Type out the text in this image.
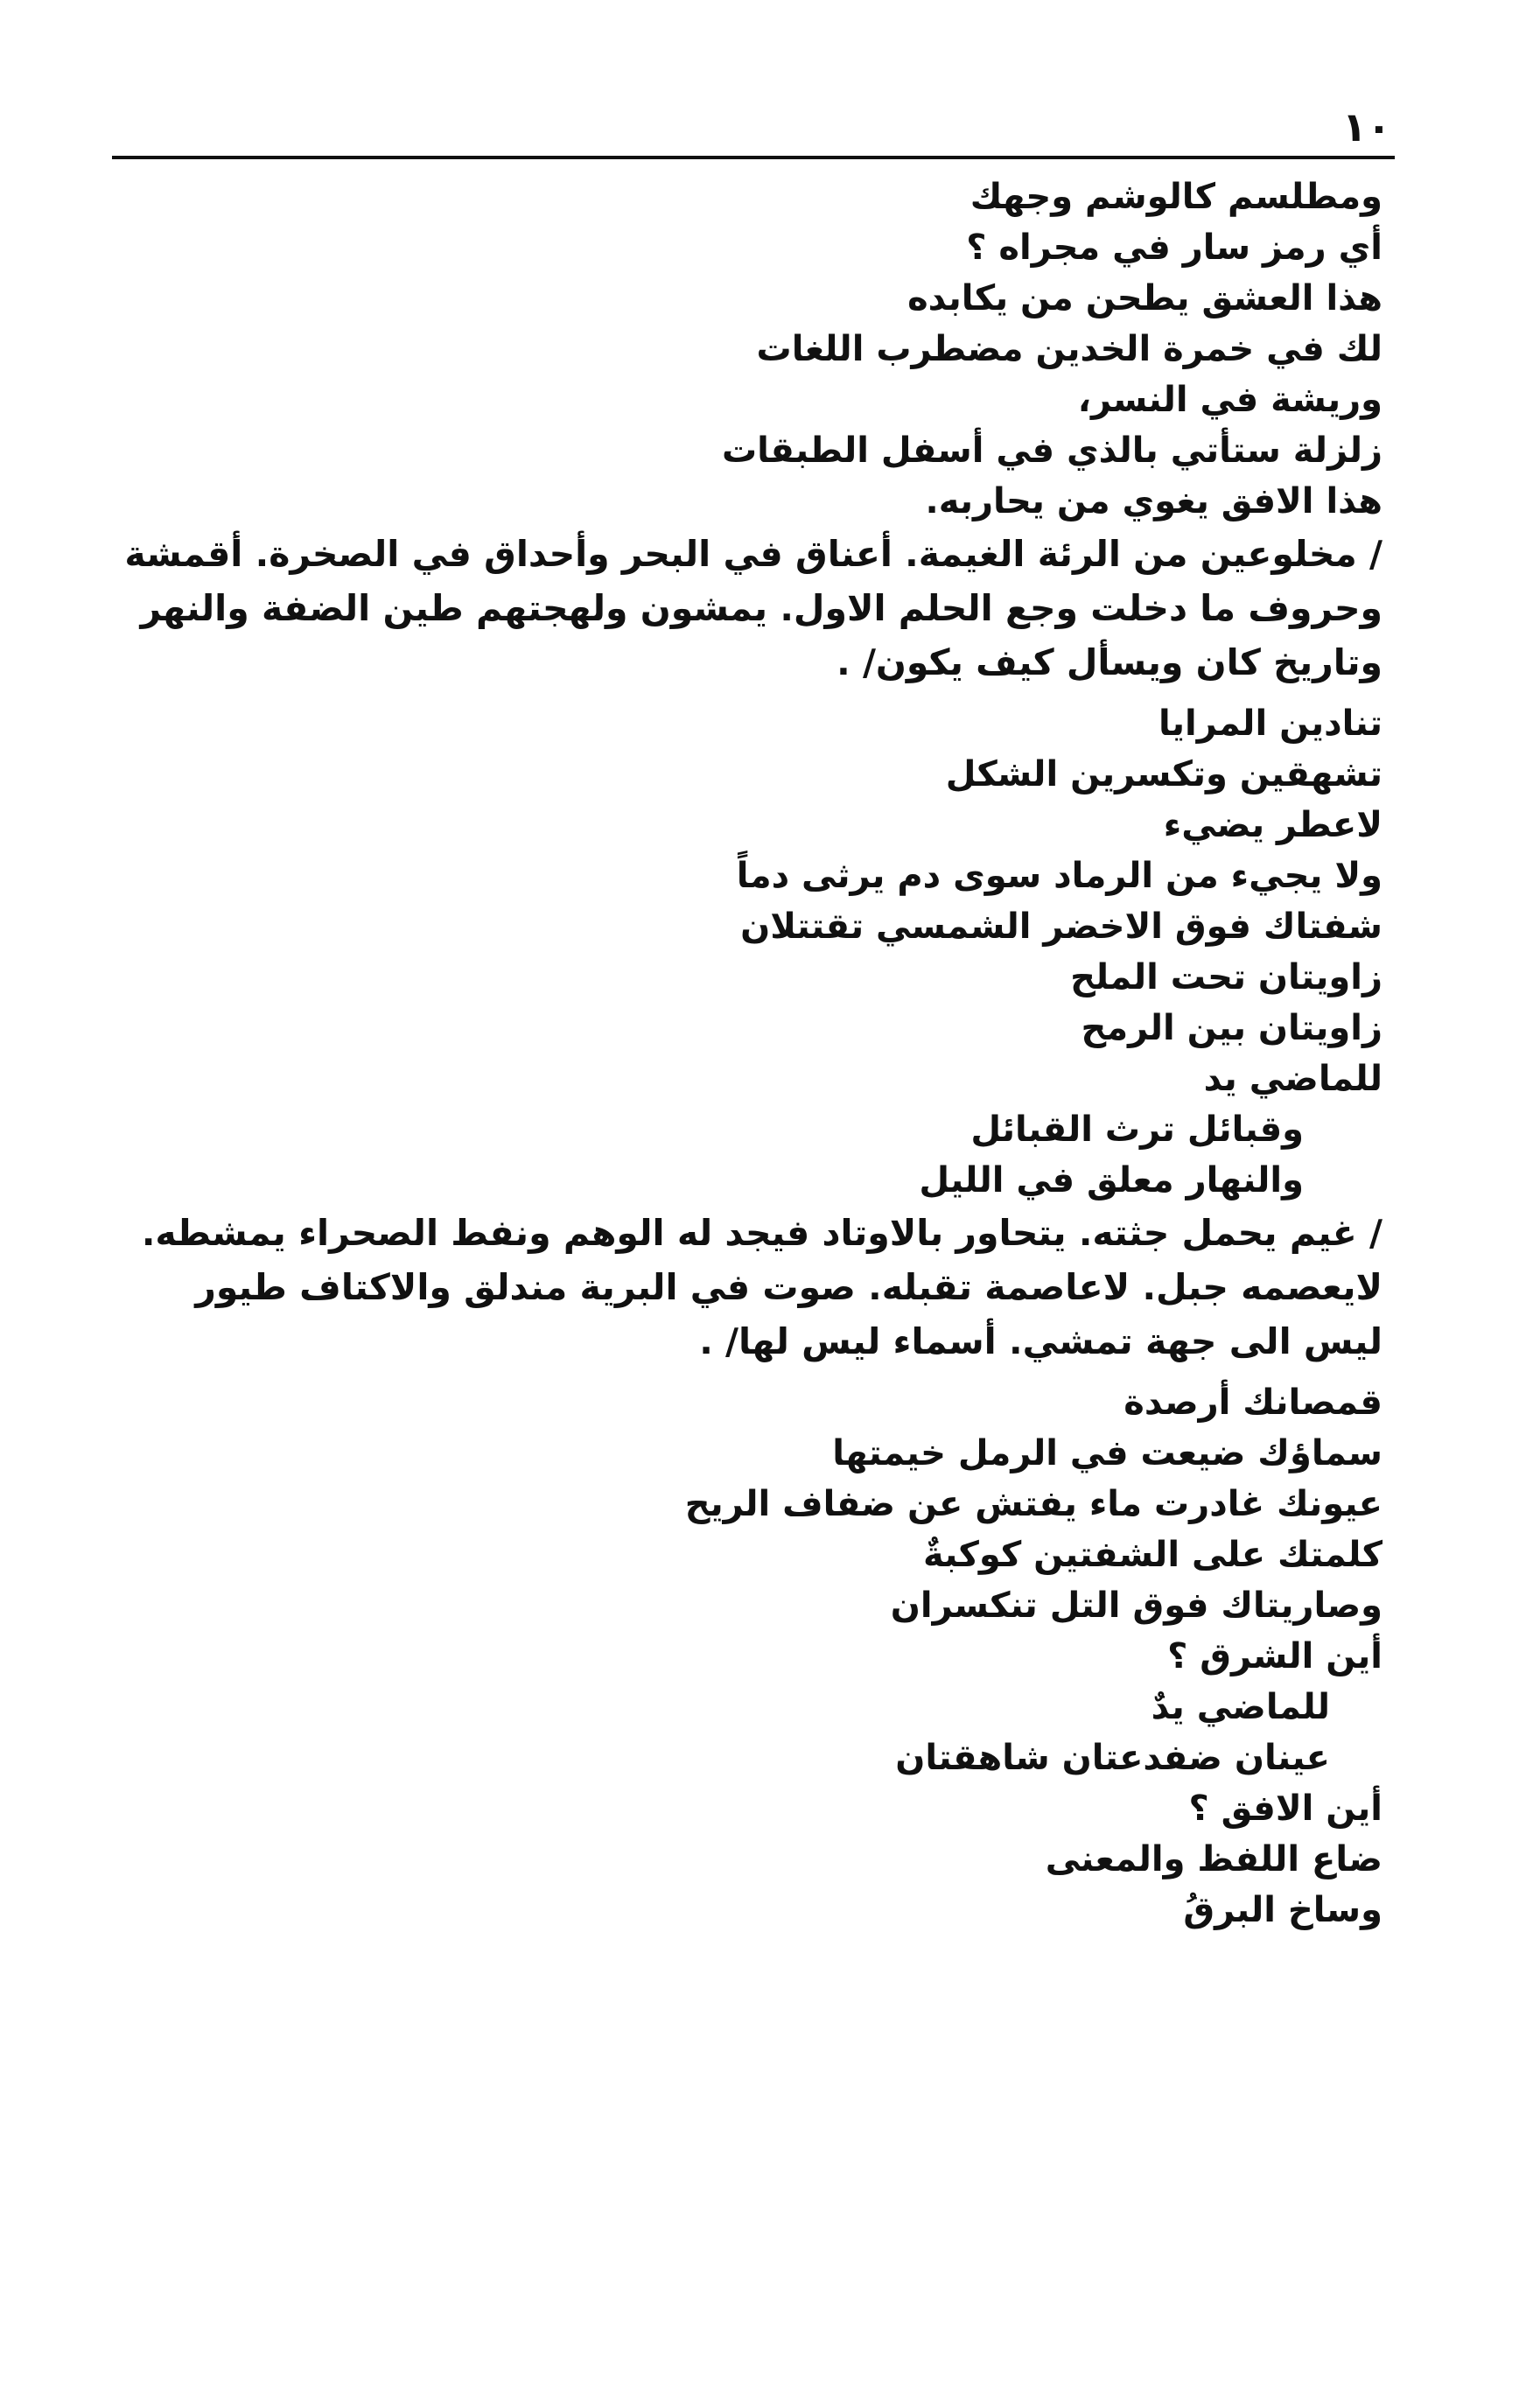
١٠
ومطلسم كالوشم وجهك
أي رمز سار في مجراه ؟
هذا العشق يطحن من يكابده
لك في خمرة الخدين مضطرب اللغات
وريشة في النسر،
زلزلة ستأتي بالذي في أسفل الطبقات
هذا الافق يغوي من يحاربه.
/ مخلوعين من الرئة الغيمة. أعناق في البحر وأحداق في الصخرة. أقمشة
وحروف ما دخلت وجع الحلم الاول. يمشون ولهجتهم طين الضفة والنهر
وتاريخ كان ويسأل كيف يكون/ .
تنادين المرايا
تشهقين وتكسرين الشكل
لاعطر يضيء
ولا يجيء من الرماد سوى دم يرثى دماً
شفتاك فوق الاخضر الشمسي تقتتلان
زاويتان تحت الملح
زاويتان بين الرمح
للماضي يد
وقبائل ترث القبائل
والنهار معلق في الليل
/ غيم يحمل جثته. يتحاور بالاوتاد فيجد له الوهم ونفط الصحراء يمشطه.
لايعصمه جبل. لاعاصمة تقبله. صوت في البرية مندلق والاكتاف طيور
ليس الى جهة تمشي. أسماء ليس لها/ .
قمصانك أرصدة
سماؤك ضيعت في الرمل خيمتها
عيونك غادرت ماء يفتش عن ضفاف الريح
كلمتك على الشفتين كوكبةٌ
وصاريتاك فوق التل تنكسران
أين الشرق ؟
للماضي يدٌ
عينان ضفدعتان شاهقتان
أين الافق ؟
ضاع اللفظ والمعنى
وساخ البرقُ
